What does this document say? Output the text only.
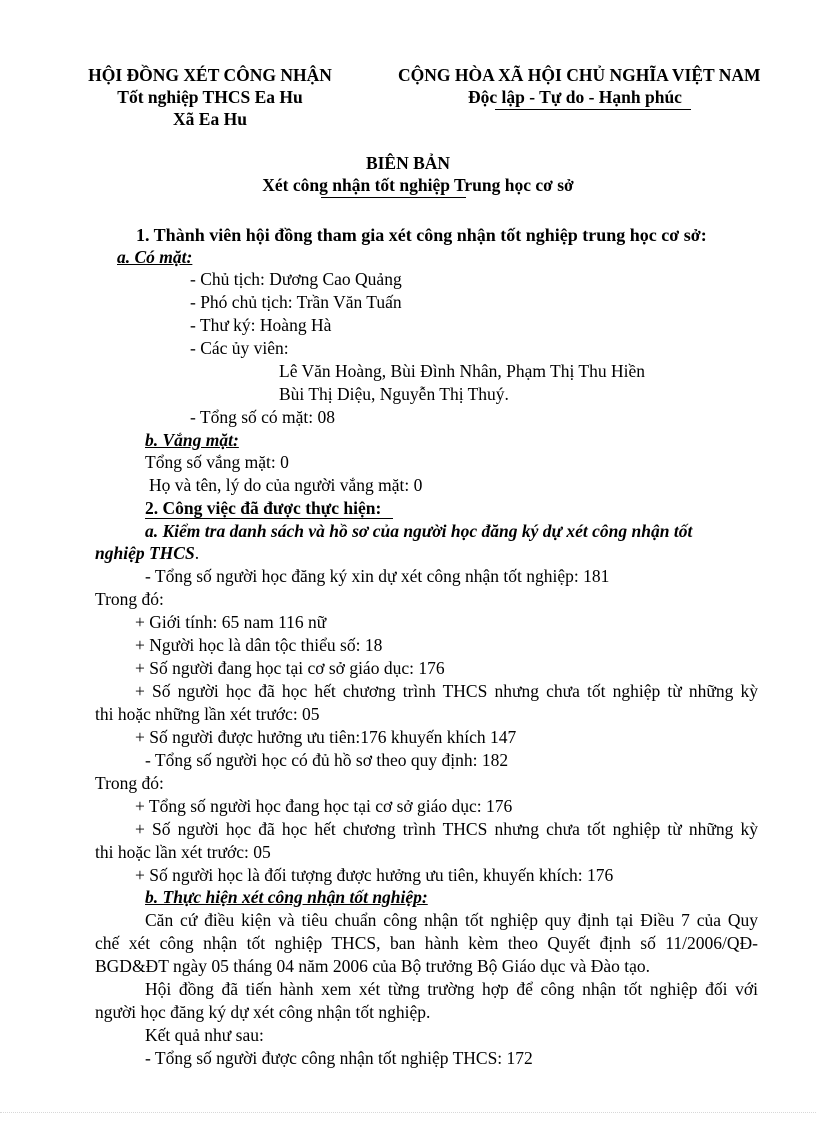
HỘI ĐỒNG XÉT CÔNG NHẬN
Tốt nghiệp THCS Ea Hu
Xã Ea Hu
CỘNG HÒA XÃ HỘI CHỦ NGHĨA VIỆT NAM
Độc lập - Tự do - Hạnh phúc
BIÊN BẢN
Xét công nhận tốt nghiệp Trung học cơ sở
1. Thành viên hội đồng tham gia xét công nhận tốt nghiệp trung học cơ sở:
a. Có mặt:
- Chủ tịch: Dương Cao Quảng
- Phó chủ tịch: Trần Văn Tuấn
- Thư ký: Hoàng Hà
- Các ủy viên:
Lê Văn Hoàng, Bùi Đình Nhân, Phạm Thị Thu Hiền
Bùi Thị Diệu, Nguyễn Thị Thuý.
- Tổng số có mặt: 08
b. Vắng mặt:
Tổng số vắng mặt: 0
Họ và tên, lý do của người vắng mặt: 0
2. Công việc đã được thực hiện:
a. Kiểm tra danh sách và hồ sơ của người học đăng ký dự xét công nhận tốt
nghiệp THCS.
- Tổng số người học đăng ký xin dự xét công nhận tốt nghiệp: 181
Trong đó:
+ Giới tính: 65 nam 116 nữ
+ Người học là dân tộc thiểu số: 18
+ Số người đang học tại cơ sở giáo dục: 176
+ Số người học đã học hết chương trình THCS nhưng chưa tốt nghiệp từ những kỳ
thi hoặc những lần xét trước: 05
+ Số người được hưởng ưu tiên:176 khuyến khích 147
- Tổng số người học có đủ hồ sơ theo quy định: 182
Trong đó:
+ Tổng số người học đang học tại cơ sở giáo dục: 176
+ Số người học đã học hết chương trình THCS nhưng chưa tốt nghiệp từ những kỳ
thi hoặc lần xét trước: 05
+ Số người học là đối tượng được hưởng ưu tiên, khuyến khích: 176
b. Thực hiện xét công nhận tốt nghiệp:
Căn cứ điều kiện và tiêu chuẩn công nhận tốt nghiệp quy định tại Điều 7 của Quy
chế xét công nhận tốt nghiệp THCS, ban hành kèm theo Quyết định số 11/2006/QĐ-
BGD&ĐT ngày 05 tháng 04 năm 2006 của Bộ trưởng Bộ Giáo dục và Đào tạo.
Hội đồng đã tiến hành xem xét từng trường hợp để công nhận tốt nghiệp đối với
người học đăng ký dự xét công nhận tốt nghiệp.
Kết quả như sau:
- Tổng số người được công nhận tốt nghiệp THCS: 172
